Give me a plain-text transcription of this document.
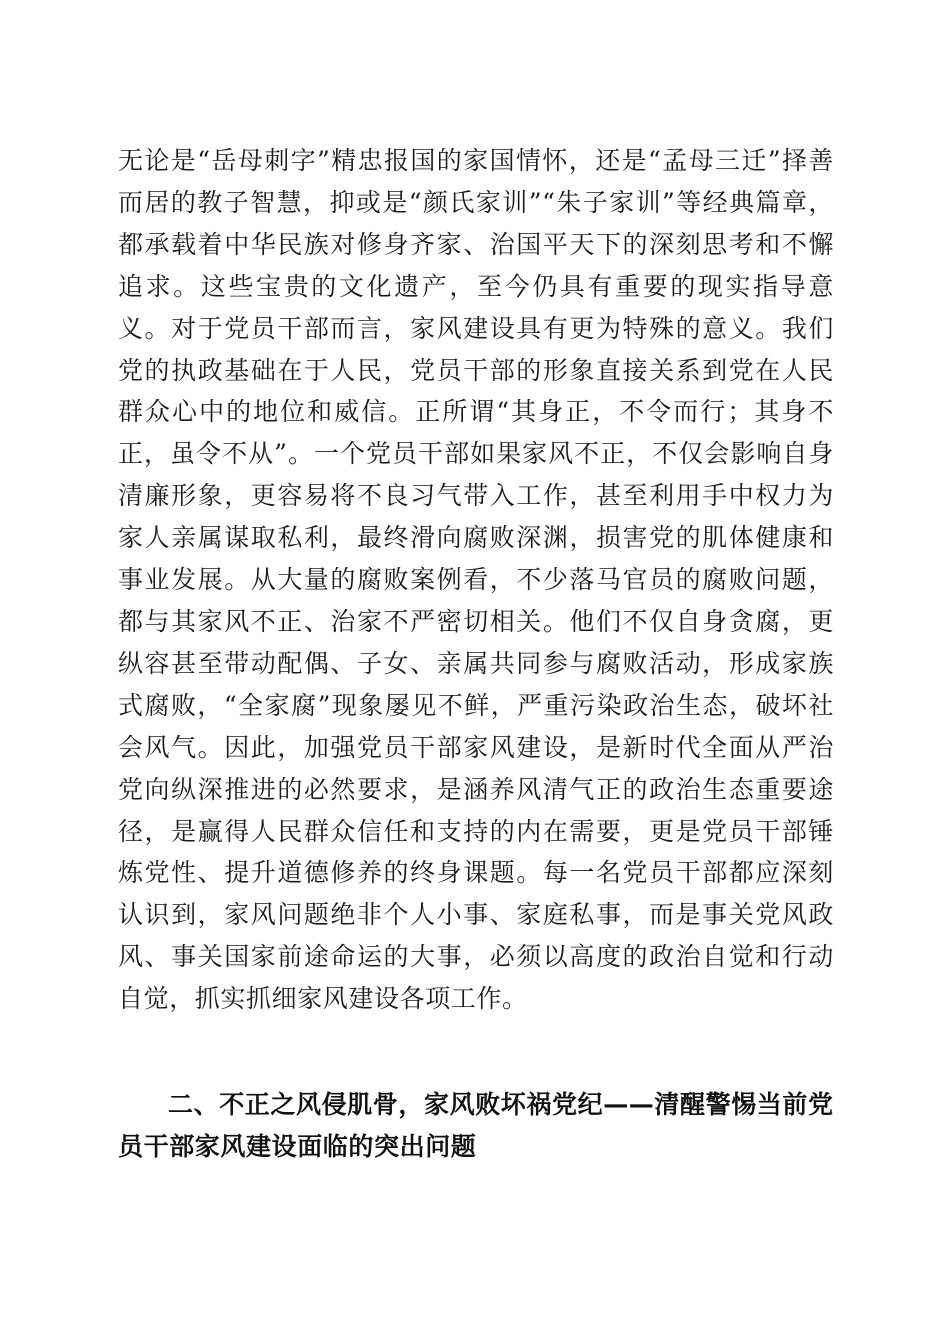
无论是“岳母刺字”精忠报国的家国情怀，还是“孟母三迁”择善而居的教子智慧，抑或是“颜氏家训”“朱子家训”等经典篇章，都承载着中华民族对修身齐家、治国平天下的深刻思考和不懈追求。这些宝贵的文化遗产，至今仍具有重要的现实指导意义。对于党员干部而言，家风建设具有更为特殊的意义。我们党的执政基础在于人民，党员干部的形象直接关系到党在人民群众心中的地位和威信。正所谓“其身正，不令而行；其身不正，虽令不从”。一个党员干部如果家风不正，不仅会影响自身清廉形象，更容易将不良习气带入工作，甚至利用手中权力为家人亲属谋取私利，最终滑向腐败深渊，损害党的肌体健康和事业发展。从大量的腐败案例看，不少落马官员的腐败问题，都与其家风不正、治家不严密切相关。他们不仅自身贪腐，更纵容甚至带动配偶、子女、亲属共同参与腐败活动，形成家族式腐败，“全家腐”现象屡见不鲜，严重污染政治生态，破坏社会风气。因此，加强党员干部家风建设，是新时代全面从严治党向纵深推进的必然要求，是涵养风清气正的政治生态重要途径，是赢得人民群众信任和支持的内在需要，更是党员干部锤炼党性、提升道德修养的终身课题。每一名党员干部都应深刻认识到，家风问题绝非个人小事、家庭私事，而是事关党风政风、事关国家前途命运的大事，必须以高度的政治自觉和行动自觉，抓实抓细家风建设各项工作。

二、不正之风侵肌骨，家风败坏祸党纪——清醒警惕当前党员干部家风建设面临的突出问题
